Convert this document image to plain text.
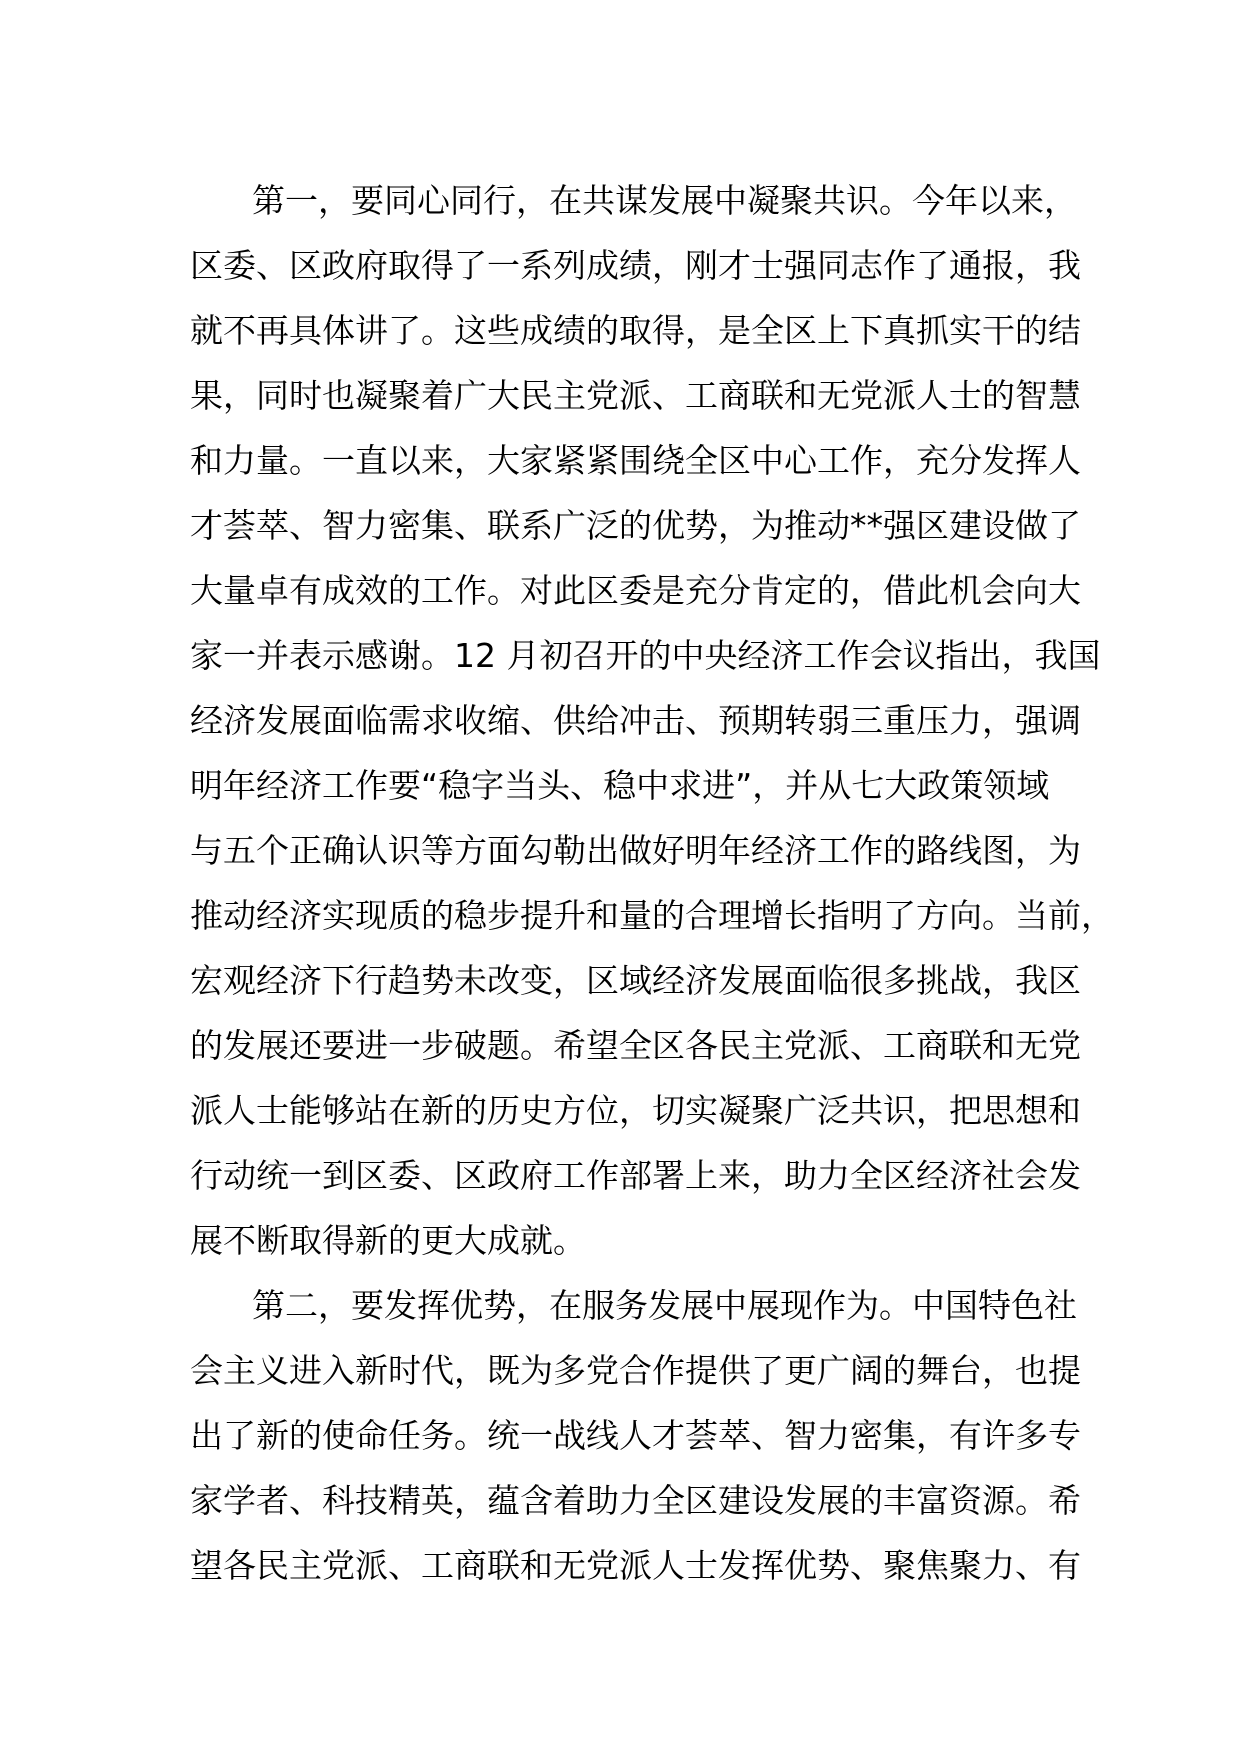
第一，要同心同行，在共谋发展中凝聚共识。今年以来，
区委、区政府取得了一系列成绩，刚才士强同志作了通报，我
就不再具体讲了。这些成绩的取得，是全区上下真抓实干的结
果，同时也凝聚着广大民主党派、工商联和无党派人士的智慧
和力量。一直以来，大家紧紧围绕全区中心工作，充分发挥人
才荟萃、智力密集、联系广泛的优势，为推动**强区建设做了
大量卓有成效的工作。对此区委是充分肯定的，借此机会向大
家一并表示感谢。12 月初召开的中央经济工作会议指出，我国
经济发展面临需求收缩、供给冲击、预期转弱三重压力，强调
明年经济工作要“稳字当头、稳中求进”，并从七大政策领域
与五个正确认识等方面勾勒出做好明年经济工作的路线图，为
推动经济实现质的稳步提升和量的合理增长指明了方向。当前，
宏观经济下行趋势未改变，区域经济发展面临很多挑战，我区
的发展还要进一步破题。希望全区各民主党派、工商联和无党
派人士能够站在新的历史方位，切实凝聚广泛共识，把思想和
行动统一到区委、区政府工作部署上来，助力全区经济社会发
展不断取得新的更大成就。
第二，要发挥优势，在服务发展中展现作为。中国特色社
会主义进入新时代，既为多党合作提供了更广阔的舞台，也提
出了新的使命任务。统一战线人才荟萃、智力密集，有许多专
家学者、科技精英，蕴含着助力全区建设发展的丰富资源。希
望各民主党派、工商联和无党派人士发挥优势、聚焦聚力、有
